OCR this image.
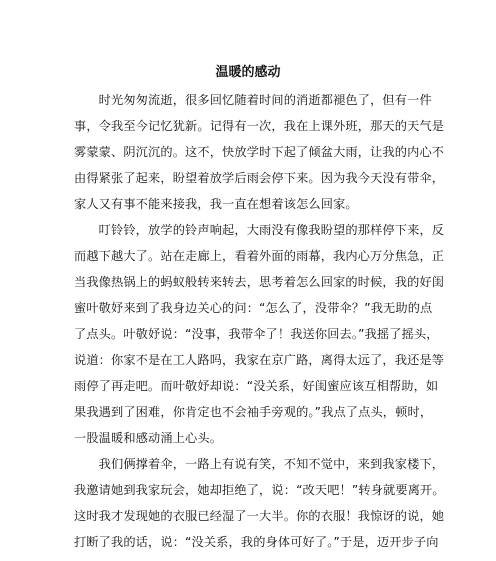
温暖的感动
　　时光匆匆流逝，很多回忆随着时间的消逝都褪色了，但有一件
事，令我至今记忆犹新。记得有一次，我在上课外班，那天的天气是
雾蒙蒙、阴沉沉的。这不，快放学时下起了倾盆大雨，让我的内心不
由得紧张了起来，盼望着放学后雨会停下来。因为我今天没有带伞，
家人又有事不能来接我，我一直在想着该怎么回家。
　　叮铃铃，放学的铃声响起，大雨没有像我盼望的那样停下来，反
而越下越大了。站在走廊上，看着外面的雨幕，我内心万分焦急，正
当我像热锅上的蚂蚁般转来转去，思考着怎么回家的时候，我的好闺
蜜叶敬妤来到了我身边关心的问：“怎么了，没带伞？”我无助的点
了点头。叶敬妤说：“没事，我带伞了！我送你回去。”我摇了摇头，
说道：你家不是在工人路吗，我家在京广路，离得太远了，我还是等
雨停了再走吧。而叶敬妤却说：“没关系，好闺蜜应该互相帮助，如
果我遇到了困难，你肯定也不会袖手旁观的。”我点了点头，顿时，
一股温暖和感动涌上心头。
　　我们俩撑着伞，一路上有说有笑，不知不觉中，来到我家楼下，
我邀请她到我家玩会，她却拒绝了，说：“改天吧！”转身就要离开。
这时我才发现她的衣服已经湿了一大半。你的衣服！我惊讶的说，她
打断了我的话，说：“没关系，我的身体可好了。”于是，迈开步子向
